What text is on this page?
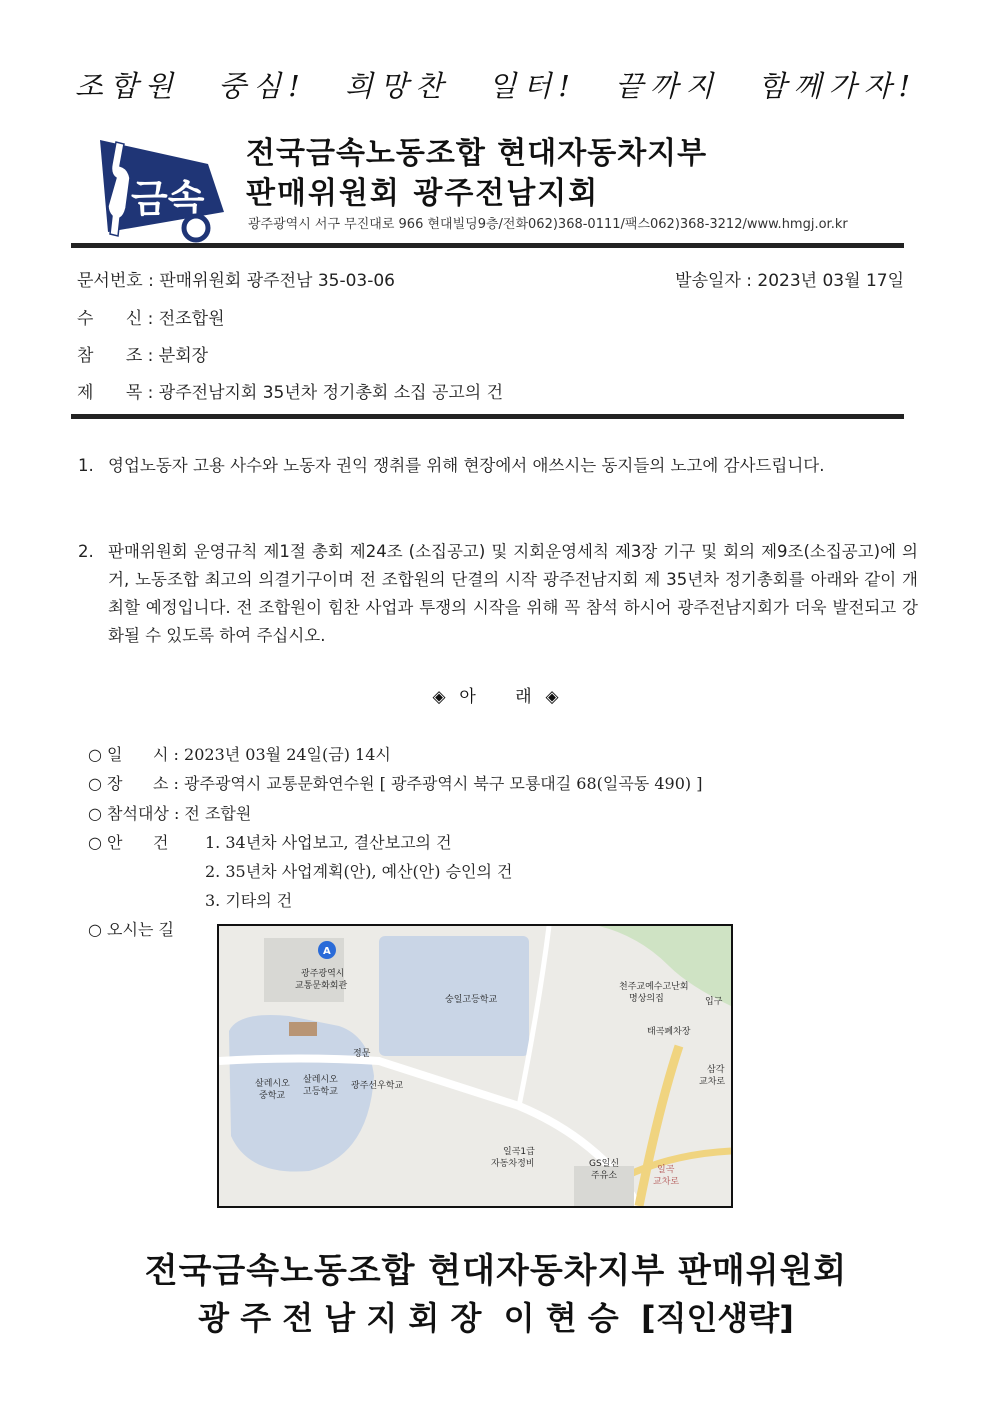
조합원 중심! 희망찬 일터! 끝까지 함께가자!
금속
전국금속노동조합 현대자동차지부
판매위원회 광주전남지회
광주광역시 서구 무진대로 966 현대빌딩9층/전화062)368-0111/팩스062)368-3212/www.hmgj.or.kr
문서번호 : 판매위원회 광주전남 35-03-06	발송일자 : 2023년 03월 17일
수      신 : 전조합원
참      조 : 분회장
제      목 : 광주전남지회 35년차 정기총회 소집 공고의 건
1. 영업노동자 고용 사수와 노동자 권익 쟁취를 위해 현장에서 애쓰시는 동지들의 노고에 감사드립니다.
2. 판매위원회 운영규칙 제1절 총회 제24조 (소집공고) 및 지회운영세칙 제3장 기구 및 회의 제9조(소집공고)에 의거, 노동조합 최고의 의결기구이며 전 조합원의 단결의 시작 광주전남지회 제 35년차 정기총회를 아래와 같이 개최할 예정입니다. 전 조합원이 힘찬 사업과 투쟁의 시작을 위해 꼭 참석 하시어 광주전남지회가 더욱 발전되고 강화될 수 있도록 하여 주십시오.
◈  아      래  ◈
○ 일      시 : 2023년 03월 24일(금) 14시
○ 장      소 : 광주광역시 교통문화연수원 [ 광주광역시 북구 모룡대길 68(일곡동 490) ]
○ 참석대상 : 전 조합원
○ 안      건 1. 34년차 사업보고, 결산보고의 건
2. 35년차 사업계획(안), 예산(안) 승인의 건
3. 기타의 건
○ 오시는 길
A
광주광역시
교통문화회관
숭일고등학교
천주교예수고난회
명상의집	입구
태곡폐차장
삼각
교차로
정문
살레시오
중학교
살레시오
고등학교
광주선우학교
일곡1급
자동차정비	GS일신
주유소
일곡
교차로
전국금속노동조합 현대자동차지부 판매위원회
광 주 전 남 지 회 장  이 현 승  [직인생략]
